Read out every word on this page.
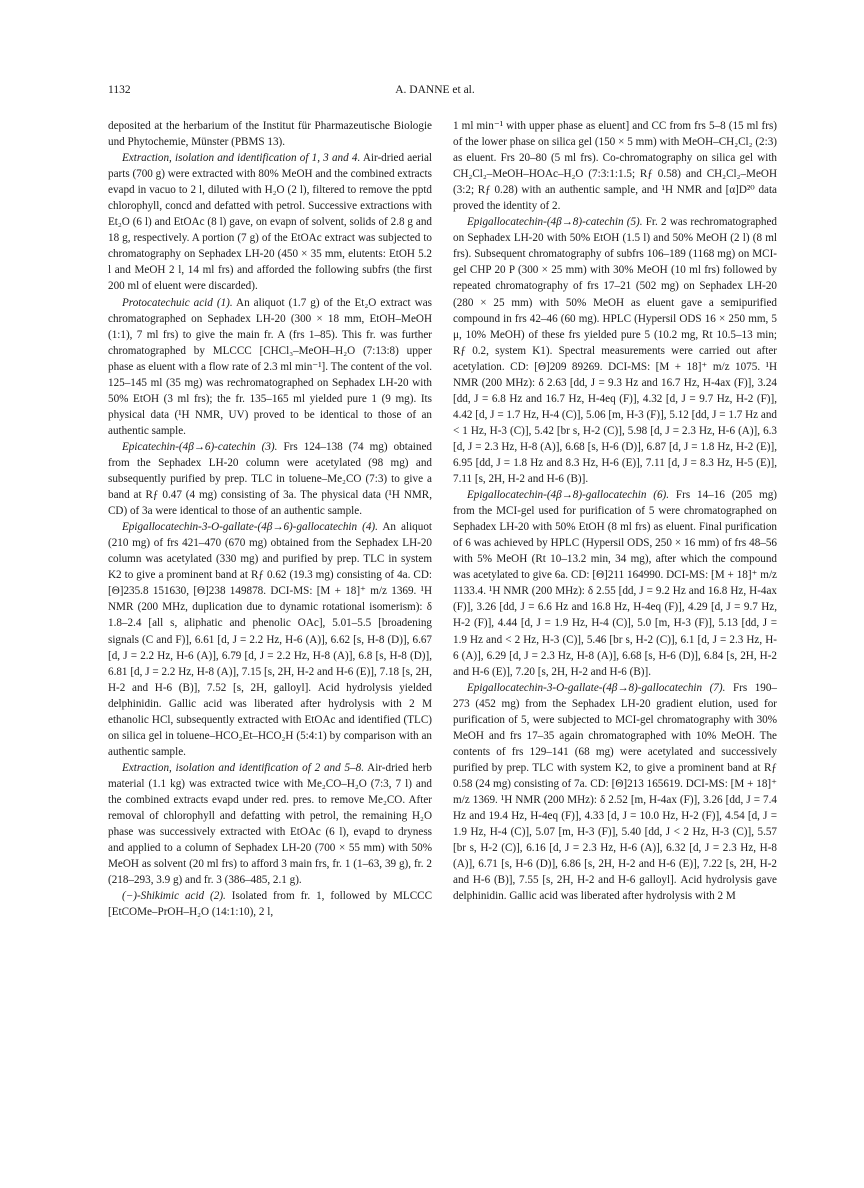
1132	A. DANNE et al.

deposited at the herbarium of the Institut für Pharmazeutische Biologie und Phytochemie, Münster (PBMS 13).

Extraction, isolation and identification of 1, 3 and 4. Air-dried aerial parts (700 g) were extracted with 80% MeOH and the combined extracts evapd in vacuo to 2 l, diluted with H₂O (2 l), filtered to remove the pptd chlorophyll, concd and defatted with petrol. Successive extractions with Et₂O (6 l) and EtOAc (8 l) gave, on evapn of solvent, solids of 2.8 g and 18 g, respectively. A portion (7 g) of the EtOAc extract was subjected to chromatography on Sephadex LH-20 (450 × 35 mm, elutents: EtOH 5.2 l and MeOH 2 l, 14 ml frs) and afforded the following subfrs (the first 200 ml of eluent were discarded).

Protocatechuic acid (1). An aliquot (1.7 g) of the Et₂O extract was chromatographed on Sephadex LH-20 (300 × 18 mm, EtOH–MeOH (1:1), 7 ml frs) to give the main fr. A (frs 1–85). This fr. was further chromatographed by MLCCC [CHCl₃–MeOH–H₂O (7:13:8) upper phase as eluent with a flow rate of 2.3 ml min⁻¹]. The content of the vol. 125–145 ml (35 mg) was rechromatographed on Sephadex LH-20 with 50% EtOH (3 ml frs); the fr. 135–165 ml yielded pure 1 (9 mg). Its physical data (¹H NMR, UV) proved to be identical to those of an authentic sample.

Epicatechin-(4β→6)-catechin (3). Frs 124–138 (74 mg) obtained from the Sephadex LH-20 column were acetylated (98 mg) and subsequently purified by prep. TLC in toluene–Me₂CO (7:3) to give a band at Rƒ 0.47 (4 mg) consisting of 3a. The physical data (¹H NMR, CD) of 3a were identical to those of an authentic sample.

Epigallocatechin-3-O-gallate-(4β→6)-gallocatechin (4). An aliquot (210 mg) of frs 421–470 (670 mg) obtained from the Sephadex LH-20 column was acetylated (330 mg) and purified by prep. TLC in system K2 to give a prominent band at Rƒ 0.62 (19.3 mg) consisting of 4a. CD: [Θ]235.8 151630, [Θ]238 149878. DCI-MS: [M + 18]⁺ m/z 1369. ¹H NMR (200 MHz, duplication due to dynamic rotational isomerism): δ 1.8–2.4 [all s, aliphatic and phenolic OAc], 5.01–5.5 [broadening signals (C and F)], 6.61 [d, J = 2.2 Hz, H-6 (A)], 6.62 [s, H-8 (D)], 6.67 [d, J = 2.2 Hz, H-6 (A)], 6.79 [d, J = 2.2 Hz, H-8 (A)], 6.8 [s, H-8 (D)], 6.81 [d, J = 2.2 Hz, H-8 (A)], 7.15 [s, 2H, H-2 and H-6 (E)], 7.18 [s, 2H, H-2 and H-6 (B)], 7.52 [s, 2H, galloyl]. Acid hydrolysis yielded delphinidin. Gallic acid was liberated after hydrolysis with 2 M ethanolic HCl, subsequently extracted with EtOAc and identified (TLC) on silica gel in toluene–HCO₂Et–HCO₂H (5:4:1) by comparison with an authentic sample.

Extraction, isolation and identification of 2 and 5–8. Air-dried herb material (1.1 kg) was extracted twice with Me₂CO–H₂O (7:3, 7 l) and the combined extracts evapd under red. pres. to remove Me₂CO. After removal of chlorophyll and defatting with petrol, the remaining H₂O phase was successively extracted with EtOAc (6 l), evapd to dryness and applied to a column of Sephadex LH-20 (700 × 55 mm) with 50% MeOH as solvent (20 ml frs) to afford 3 main frs, fr. 1 (1–63, 39 g), fr. 2 (218–293, 3.9 g) and fr. 3 (386–485, 2.1 g).

(−)-Shikimic acid (2). Isolated from fr. 1, followed by MLCCC [EtCOMe–PrOH–H₂O (14:1:10), 2 l,

1 ml min⁻¹ with upper phase as eluent] and CC from frs 5–8 (15 ml frs) of the lower phase on silica gel (150 × 5 mm) with MeOH–CH₂Cl₂ (2:3) as eluent. Frs 20–80 (5 ml frs). Co-chromatography on silica gel with CH₂Cl₂–MeOH–HOAc–H₂O (7:3:1:1.5; Rƒ 0.58) and CH₂Cl₂–MeOH (3:2; Rƒ 0.28) with an authentic sample, and ¹H NMR and [α]D²⁰ data proved the identity of 2.

Epigallocatechin-(4β→8)-catechin (5). Fr. 2 was rechromatographed on Sephadex LH-20 with 50% EtOH (1.5 l) and 50% MeOH (2 l) (8 ml frs). Subsequent chromatography of subfrs 106–189 (1168 mg) on MCI-gel CHP 20 P (300 × 25 mm) with 30% MeOH (10 ml frs) followed by repeated chromatography of frs 17–21 (502 mg) on Sephadex LH-20 (280 × 25 mm) with 50% MeOH as eluent gave a semipurified compound in frs 42–46 (60 mg). HPLC (Hypersil ODS 16 × 250 mm, 5 μ, 10% MeOH) of these frs yielded pure 5 (10.2 mg, Rt 10.5–13 min; Rƒ 0.2, system K1). Spectral measurements were carried out after acetylation. CD: [Θ]209 89269. DCI-MS: [M + 18]⁺ m/z 1075. ¹H NMR (200 MHz): δ 2.63 [dd, J = 9.3 Hz and 16.7 Hz, H-4ax (F)], 3.24 [dd, J = 6.8 Hz and 16.7 Hz, H-4eq (F)], 4.32 [d, J = 9.7 Hz, H-2 (F)], 4.42 [d, J = 1.7 Hz, H-4 (C)], 5.06 [m, H-3 (F)], 5.12 [dd, J = 1.7 Hz and < 1 Hz, H-3 (C)], 5.42 [br s, H-2 (C)], 5.98 [d, J = 2.3 Hz, H-6 (A)], 6.3 [d, J = 2.3 Hz, H-8 (A)], 6.68 [s, H-6 (D)], 6.87 [d, J = 1.8 Hz, H-2 (E)], 6.95 [dd, J = 1.8 Hz and 8.3 Hz, H-6 (E)], 7.11 [d, J = 8.3 Hz, H-5 (E)], 7.11 [s, 2H, H-2 and H-6 (B)].

Epigallocatechin-(4β→8)-gallocatechin (6). Frs 14–16 (205 mg) from the MCI-gel used for purification of 5 were chromatographed on Sephadex LH-20 with 50% EtOH (8 ml frs) as eluent. Final purification of 6 was achieved by HPLC (Hypersil ODS, 250 × 16 mm) of frs 48–56 with 5% MeOH (Rt 10–13.2 min, 34 mg), after which the compound was acetylated to give 6a. CD: [Θ]211 164990. DCI-MS: [M + 18]⁺ m/z 1133.4. ¹H NMR (200 MHz): δ 2.55 [dd, J = 9.2 Hz and 16.8 Hz, H-4ax (F)], 3.26 [dd, J = 6.6 Hz and 16.8 Hz, H-4eq (F)], 4.29 [d, J = 9.7 Hz, H-2 (F)], 4.44 [d, J = 1.9 Hz, H-4 (C)], 5.0 [m, H-3 (F)], 5.13 [dd, J = 1.9 Hz and < 2 Hz, H-3 (C)], 5.46 [br s, H-2 (C)], 6.1 [d, J = 2.3 Hz, H-6 (A)], 6.29 [d, J = 2.3 Hz, H-8 (A)], 6.68 [s, H-6 (D)], 6.84 [s, 2H, H-2 and H-6 (E)], 7.20 [s, 2H, H-2 and H-6 (B)].

Epigallocatechin-3-O-gallate-(4β→8)-gallocatechin (7). Frs 190–273 (452 mg) from the Sephadex LH-20 gradient elution, used for purification of 5, were subjected to MCI-gel chromatography with 30% MeOH and frs 17–35 again chromatographed with 10% MeOH. The contents of frs 129–141 (68 mg) were acetylated and successively purified by prep. TLC with system K2, to give a prominent band at Rƒ 0.58 (24 mg) consisting of 7a. CD: [Θ]213 165619. DCI-MS: [M + 18]⁺ m/z 1369. ¹H NMR (200 MHz): δ 2.52 [m, H-4ax (F)], 3.26 [dd, J = 7.4 Hz and 19.4 Hz, H-4eq (F)], 4.33 [d, J = 10.0 Hz, H-2 (F)], 4.54 [d, J = 1.9 Hz, H-4 (C)], 5.07 [m, H-3 (F)], 5.40 [dd, J < 2 Hz, H-3 (C)], 5.57 [br s, H-2 (C)], 6.16 [d, J = 2.3 Hz, H-6 (A)], 6.32 [d, J = 2.3 Hz, H-8 (A)], 6.71 [s, H-6 (D)], 6.86 [s, 2H, H-2 and H-6 (E)], 7.22 [s, 2H, H-2 and H-6 (B)], 7.55 [s, 2H, H-2 and H-6 galloyl]. Acid hydrolysis gave delphinidin. Gallic acid was liberated after hydrolysis with 2 M
